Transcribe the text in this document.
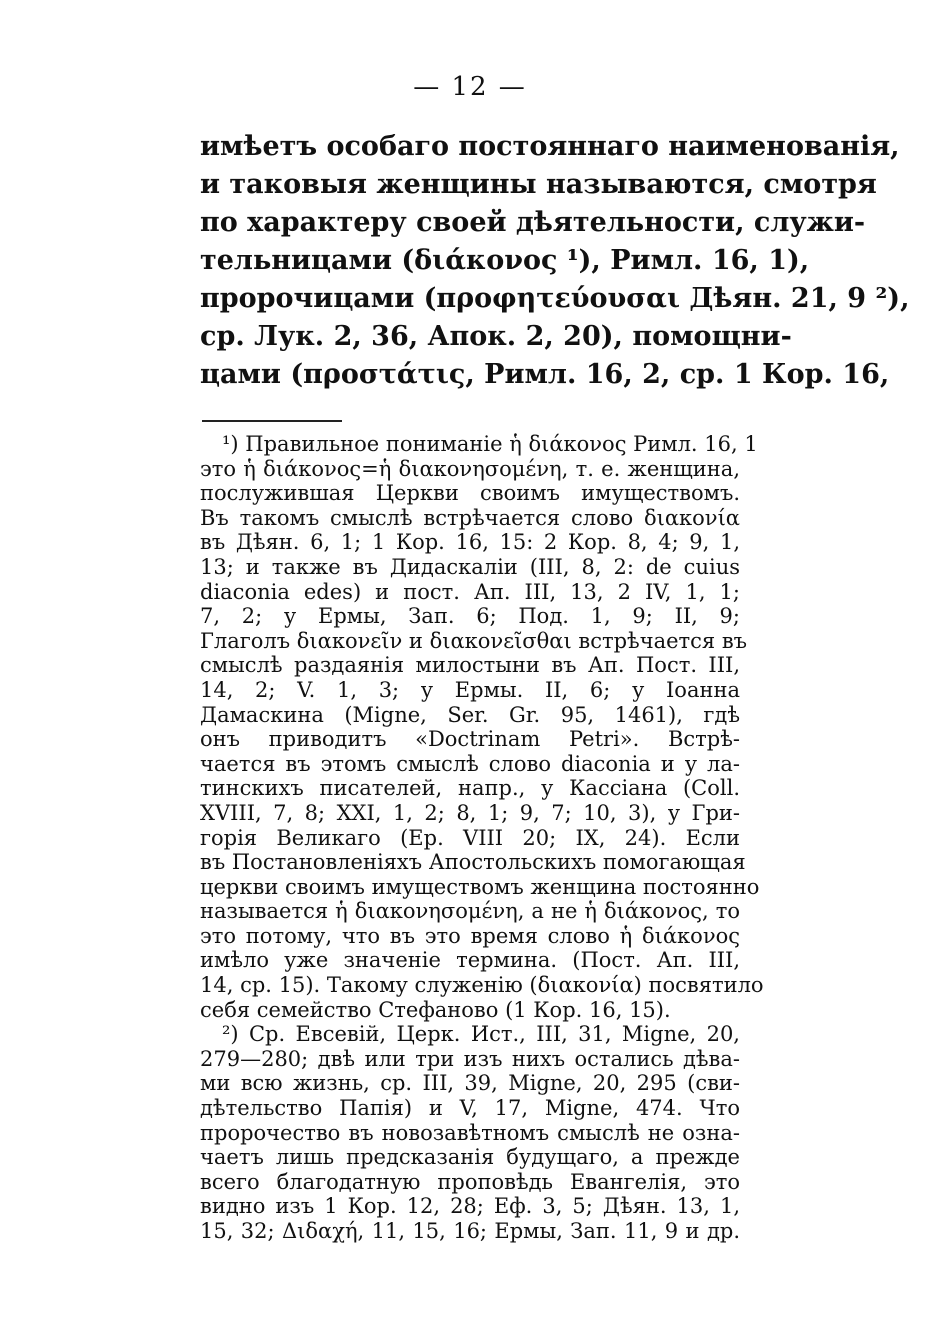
— 12 —
имѣетъ особаго постояннаго наименованія,
и таковыя женщины называются, смотря
по характеру своей дѣятельности, служи-
тельницами (διάκονος ¹), Римл. 16, 1),
пророчицами (προφητεύουσαι Дѣян. 21, 9 ²),
ср. Лук. 2, 36, Апок. 2, 20), помощни-
цами (προστάτις, Римл. 16, 2, ср. 1 Кор. 16,
¹) Правильное пониманіе ἡ διάκονος Римл. 16, 1
это ἡ διάκονος=ἡ διακονησομένη, т. е. женщина,
послужившая Церкви своимъ имуществомъ.
Въ такомъ смыслѣ встрѣчается слово διακονία
въ Дѣян. 6, 1; 1 Кор. 16, 15: 2 Кор. 8, 4; 9, 1,
13; и также въ Дидаскаліи (III, 8, 2: de cuius
diaconia edes) и пост. Ап. III, 13, 2 IV, 1, 1;
7, 2; у Ермы, Зап. 6; Под. 1, 9; II, 9;
Глаголъ διακονεῖν и διακονεῖσθαι встрѣчается въ
смыслѣ раздаянія милостыни въ Ап. Пост. III,
14, 2; V. 1, 3; у Ермы. II, 6; у Іоанна
Дамаскина (Migne, Ser. Gr. 95, 1461), гдѣ
онъ приводитъ «Doctrinam Petri». Встрѣ-
чается въ этомъ смыслѣ слово diaconia и у ла-
тинскихъ писателей, напр., у Кассіана (Coll.
XVIII, 7, 8; XXI, 1, 2; 8, 1; 9, 7; 10, 3), у Гри-
горія Великаго (Ер. VIII 20; IX, 24). Если
въ Постановленіяхъ Апостольскихъ помогающая
церкви своимъ имуществомъ женщина постоянно
называется ἡ διακονησομένη, а не ἡ διάκονος, то
это потому, что въ это время слово ἡ διάκονος
имѣло уже значеніе термина. (Пост. Ап. III,
14, ср. 15). Такому служенію (διακονία) посвятило
себя семейство Стефаново (1 Кор. 16, 15).
²) Ср. Евсевій, Церк. Ист., III, 31, Migne, 20,
279—280; двѣ или три изъ нихъ остались дѣва-
ми всю жизнь, ср. III, 39, Migne, 20, 295 (сви-
дѣтельство Папія) и V, 17, Migne, 474. Что
пророчество въ новозавѣтномъ смыслѣ не озна-
чаетъ лишь предсказанія будущаго, а прежде
всего благодатную проповѣдь Евангелія, это
видно изъ 1 Кор. 12, 28; Еф. 3, 5; Дѣян. 13, 1,
15, 32; Διδαχή, 11, 15, 16; Ермы, Зап. 11, 9 и др.
